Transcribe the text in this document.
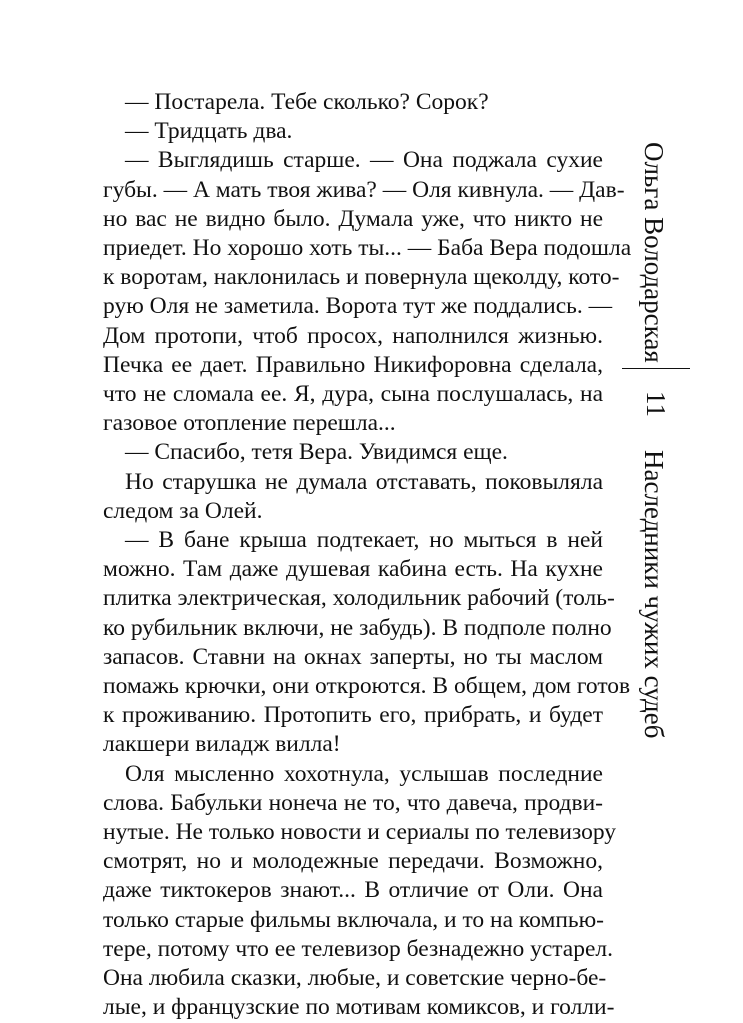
— Постарела. Тебе сколько? Сорок?
— Тридцать два.
— Выглядишь старше. — Она поджала сухие
губы. — А мать твоя жива? — Оля кивнула. — Дав-
но вас не видно было. Думала уже, что никто не
приедет. Но хорошо хоть ты... — Баба Вера подошла
к воротам, наклонилась и повернула щеколду, кото-
рую Оля не заметила. Ворота тут же поддались. —
Дом протопи, чтоб просох, наполнился жизнью.
Печка ее дает. Правильно Никифоровна сделала,
что не сломала ее. Я, дура, сына послушалась, на
газовое отопление перешла...
— Спасибо, тетя Вера. Увидимся еще.
Но старушка не думала отставать, поковыляла
следом за Олей.
— В бане крыша подтекает, но мыться в ней
можно. Там даже душевая кабина есть. На кухне
плитка электрическая, холодильник рабочий (толь-
ко рубильник включи, не забудь). В подполе полно
запасов. Ставни на окнах заперты, но ты маслом
помажь крючки, они откроются. В общем, дом готов
к проживанию. Протопить его, прибрать, и будет
лакшери виладж вилла!
Оля мысленно хохотнула, услышав последние
слова. Бабульки нонеча не то, что давеча, продви-
нутые. Не только новости и сериалы по телевизору
смотрят, но и молодежные передачи. Возможно,
даже тиктокеров знают... В отличие от Оли. Она
только старые фильмы включала, и то на компью-
тере, потому что ее телевизор безнадежно устарел.
Она любила сказки, любые, и советские черно-бе-
лые, и французские по мотивам комиксов, и голли-
Ольга Володарская
11
Наследники чужих судеб
